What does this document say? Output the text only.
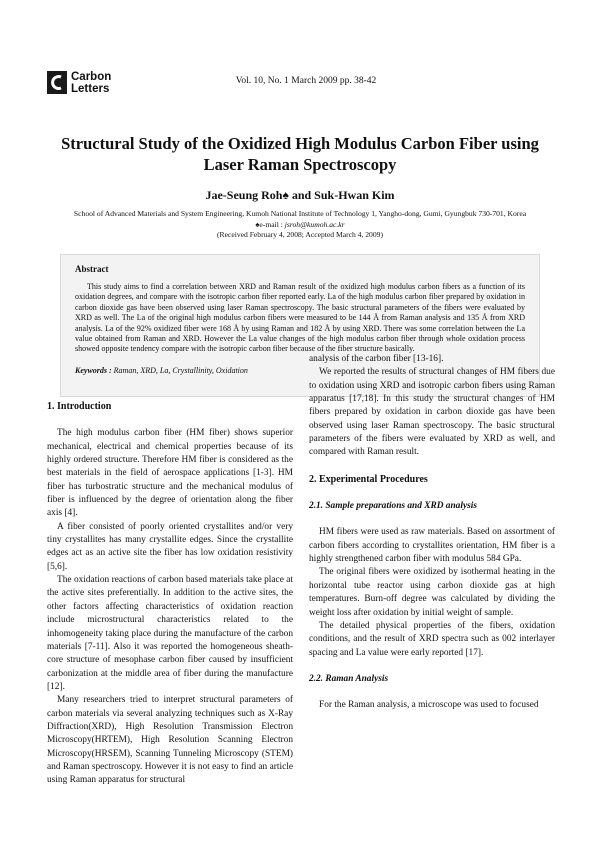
Carbon
Letters
Vol. 10, No. 1 March 2009 pp. 38-42
Structural Study of the Oxidized High Modulus Carbon Fiber using Laser Raman Spectroscopy
Jae-Seung Roh♠ and Suk-Hwan Kim
School of Advanced Materials and System Engineering, Kumoh National Institute of Technology 1, Yangho-dong, Gumi, Gyungbuk 730-701, Korea
♠e-mail : jsroh@kumoh.ac.kr
(Received February 4, 2008; Accepted March 4, 2009)
Abstract
This study aims to find a correlation between XRD and Raman result of the oxidized high modulus carbon fibers as a function of its oxidation degrees, and compare with the isotropic carbon fiber reported early. La of the high modulus carbon fiber prepared by oxidation in carbon dioxide gas have been observed using laser Raman spectroscopy. The basic structural parameters of the fibers were evaluated by XRD as well. The La of the original high modulus carbon fibers were measured to be 144 Å from Raman analysis and 135 Å from XRD analysis. La of the 92% oxidized fiber were 168 Å by using Raman and 182 Å by using XRD. There was some correlation between the La value obtained from Raman and XRD. However the La value changes of the high modulus carbon fiber through whole oxidation process showed opposite tendency compare with the isotropic carbon fiber because of the fiber structure basically.
Keywords : Raman, XRD, La, Crystallinity, Oxidation
1. Introduction

The high modulus carbon fiber (HM fiber) shows superior mechanical, electrical and chemical properties because of its highly ordered structure. Therefore HM fiber is considered as the best materials in the field of aerospace applications [1-3]. HM fiber has turbostratic structure and the mechanical modulus of fiber is influenced by the degree of orientation along the fiber axis [4].

A fiber consisted of poorly oriented crystallites and/or very tiny crystallites has many crystallite edges. Since the crystallite edges act as an active site the fiber has low oxidation resistivity [5,6].

The oxidation reactions of carbon based materials take place at the active sites preferentially. In addition to the active sites, the other factors affecting characteristics of oxidation reaction include microstructural characteristics related to the inhomogeneity taking place during the manufacture of the carbon materials [7-11]. Also it was reported the homogeneous sheath-core structure of mesophase carbon fiber caused by insufficient carbonization at the middle area of fiber during the manufacture [12].

Many researchers tried to interpret structural parameters of carbon materials via several analyzing techniques such as X-Ray Diffraction(XRD), High Resolution Transmission Electron Microscopy(HRTEM), High Resolution Scanning Electron Microscopy(HRSEM), Scanning Tunneling Microscopy (STEM) and Raman spectroscopy. However it is not easy to find an article using Raman apparatus for structural

analysis of the carbon fiber [13-16].

We reported the results of structural changes of HM fibers due to oxidation using XRD and isotropic carbon fibers using Raman apparatus [17,18]. In this study the structural changes of HM fibers prepared by oxidation in carbon dioxide gas have been observed using laser Raman spectroscopy. The basic structural parameters of the fibers were evaluated by XRD as well, and compared with Raman result.

2. Experimental Procedures
2.1. Sample preparations and XRD analysis

HM fibers were used as raw materials. Based on assortment of carbon fibers according to crystallites orientation, HM fiber is a highly strengthened carbon fiber with modulus 584 GPa.

The original fibers were oxidized by isothermal heating in the horizontal tube reactor using carbon dioxide gas at high temperatures. Burn-off degree was calculated by dividing the weight loss after oxidation by initial weight of sample.

The detailed physical properties of the fibers, oxidation conditions, and the result of XRD spectra such as 002 interlayer spacing and La value were early reported [17].

2.2. Raman Analysis

For the Raman analysis, a microscope was used to focused
